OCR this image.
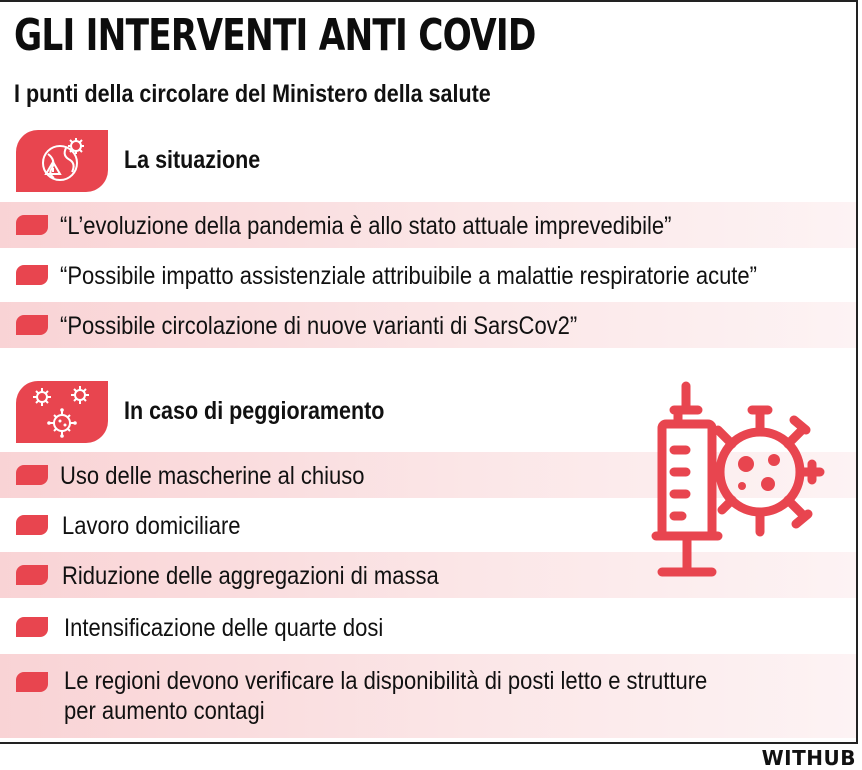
GLI INTERVENTI ANTI COVID
I punti della circolare del Ministero della salute
La situazione
“L’evoluzione della pandemia è allo stato attuale imprevedibile”
“Possibile impatto assistenziale attribuibile a malattie respiratorie acute”
“Possibile circolazione di nuove varianti di SarsCov2”
In caso di peggioramento
Uso delle mascherine al chiuso
Lavoro domiciliare
Riduzione delle aggregazioni di massa
Intensificazione delle quarte dosi
Le regioni devono verificare la disponibilità di posti letto e strutture
per aumento contagi
WITHUB
